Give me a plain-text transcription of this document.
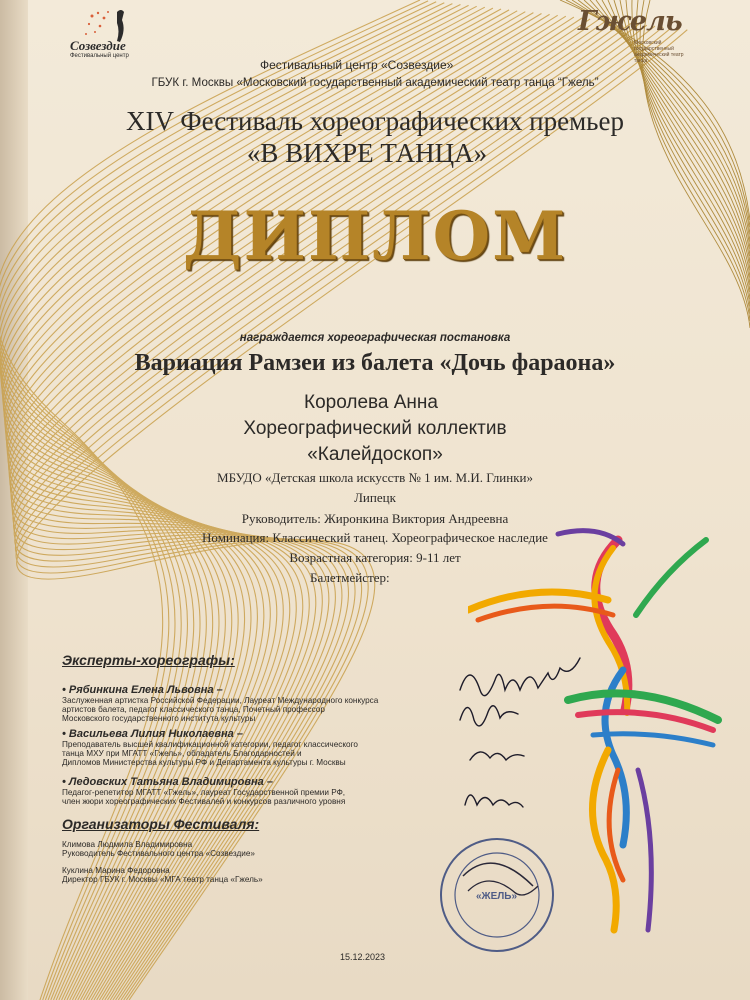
Созвездие
Фестивальный центр
Гжель
Московский государственный академический театр танца
Фестивальный центр «Созвездие»
ГБУК г. Москвы «Московский государственный академический театр танца “Гжель”
XIV Фестиваль хореографических премьер
«В ВИХРЕ ТАНЦА»
ДИПЛОМ
награждается хореографическая постановка
Вариация Рамзеи из балета «Дочь фараона»
Королева Анна
Хореографический коллектив
«Калейдоскоп»
МБУДО «Детская школа искусств № 1 им. М.И. Глинки»
Липецк
Руководитель: Жиронкина Виктория Андреевна
Номинация: Классический танец. Хореографическое наследие
Возрастная категория: 9-11 лет
Балетмейстер:
«ЖЕЛЬ»
Эксперты-хореографы:
• Рябинкина Елена Львовна –
Заслуженная артистка Российской Федерации, Лауреат Международного конкурса
артистов балета, педагог классического танца, Почетный профессор
Московского государственного института культуры
• Васильева Лилия Николаевна –
Преподаватель высшей квалификационной категории, педагог классического
танца МХУ при МГАТТ «Гжель», обладатель Благодарностей и
Дипломов Министерства культуры РФ и Департамента культуры г. Москвы
• Ледовских Татьяна Владимировна –
Педагог-репетитор МГАТТ «Гжель», лауреат Государственной премии РФ,
член жюри хореографических Фестивалей и конкурсов различного уровня
Организаторы Фестиваля:
Климова Людмила Владимировна
Руководитель Фестивального центра «Созвездие»
Куклина Марина Федоровна
Директор ГБУК г. Москвы «МГА театр танца «Гжель»
15.12.2023
